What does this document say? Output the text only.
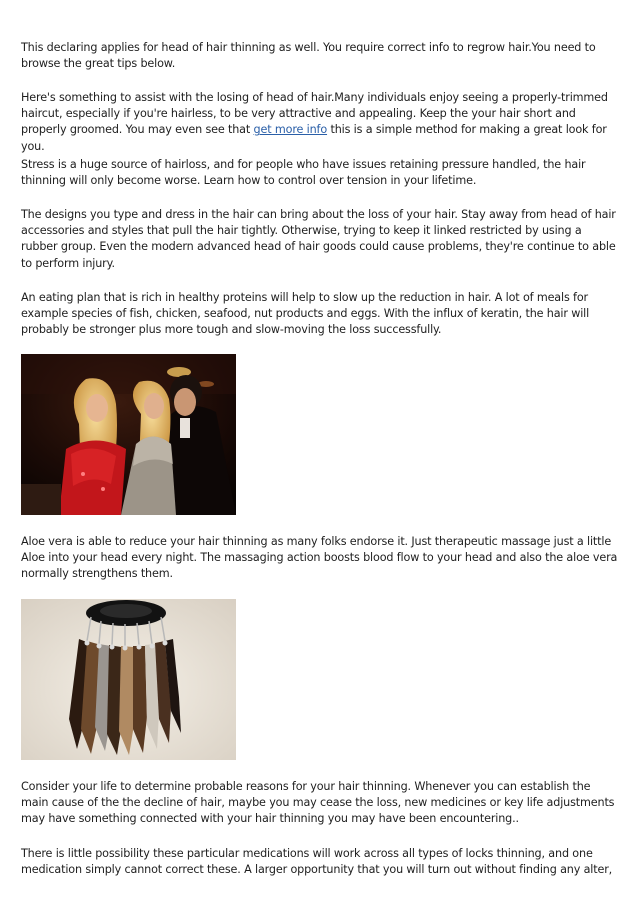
This declaring applies for head of hair thinning as well. You require correct info to regrow hair.You need to browse the great tips below.

Here's something to assist with the losing of head of hair.Many individuals enjoy seeing a properly-trimmed haircut, especially if you're hairless, to be very attractive and appealing. Keep the your hair short and properly groomed. You may even see that get more info this is a simple method for making a great look for you.

Stress is a huge source of hairloss, and for people who have issues retaining pressure handled, the hair thinning will only become worse. Learn how to control over tension in your lifetime.

The designs you type and dress in the hair can bring about the loss of your hair. Stay away from head of hair accessories and styles that pull the hair tightly. Otherwise, trying to keep it linked restricted by using a rubber group. Even the modern advanced head of hair goods could cause problems, they're continue to able to perform injury.

An eating plan that is rich in healthy proteins will help to slow up the reduction in hair. A lot of meals for example species of fish, chicken, seafood, nut products and eggs. With the influx of keratin, the hair will probably be stronger plus more tough and slow-moving the loss successfully.

Aloe vera is able to reduce your hair thinning as many folks endorse it. Just therapeutic massage just a little Aloe into your head every night. The massaging action boosts blood flow to your head and also the aloe vera normally strengthens them.

Consider your life to determine probable reasons for your hair thinning. Whenever you can establish the main cause of the the decline of hair, maybe you may cease the loss, new medicines or key life adjustments may have something connected with your hair thinning you may have been encountering..

There is little possibility these particular medications will work across all types of locks thinning, and one medication simply cannot correct these. A larger opportunity that you will turn out without finding any alter,
